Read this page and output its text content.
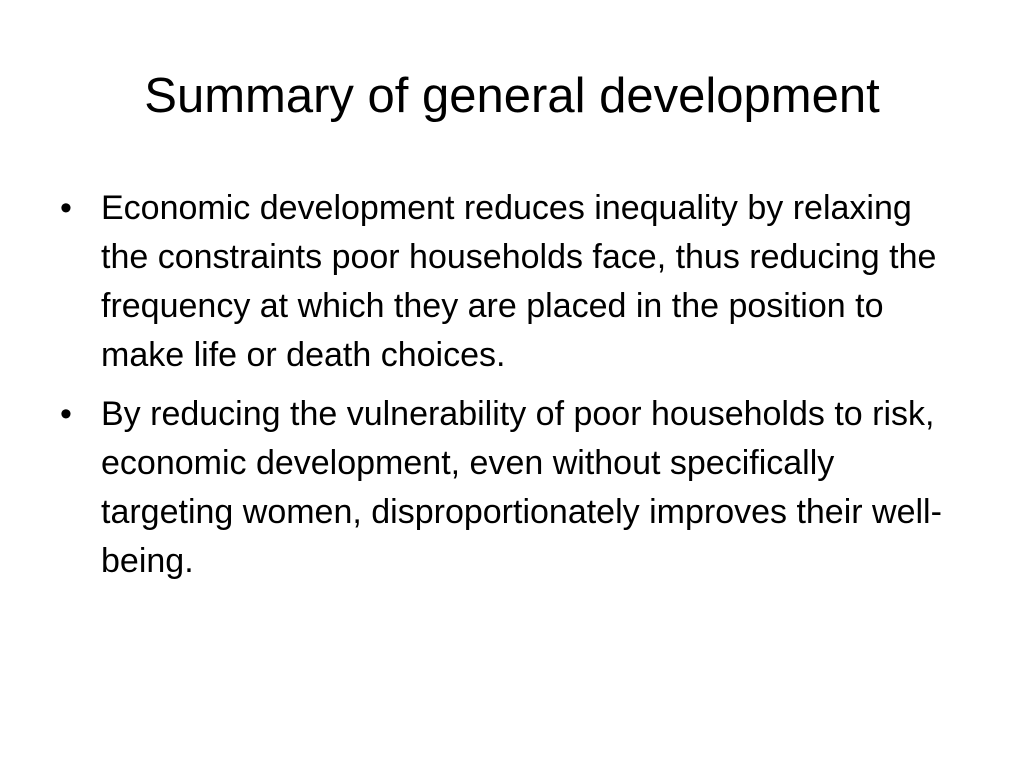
Summary of general development
• Economic development reduces inequality by relaxing the constraints poor households face, thus reducing the frequency at which they are placed in the position to make life or death choices.
• By reducing the vulnerability of poor households to risk, economic development, even without specifically targeting women, disproportionately improves their well-being.
